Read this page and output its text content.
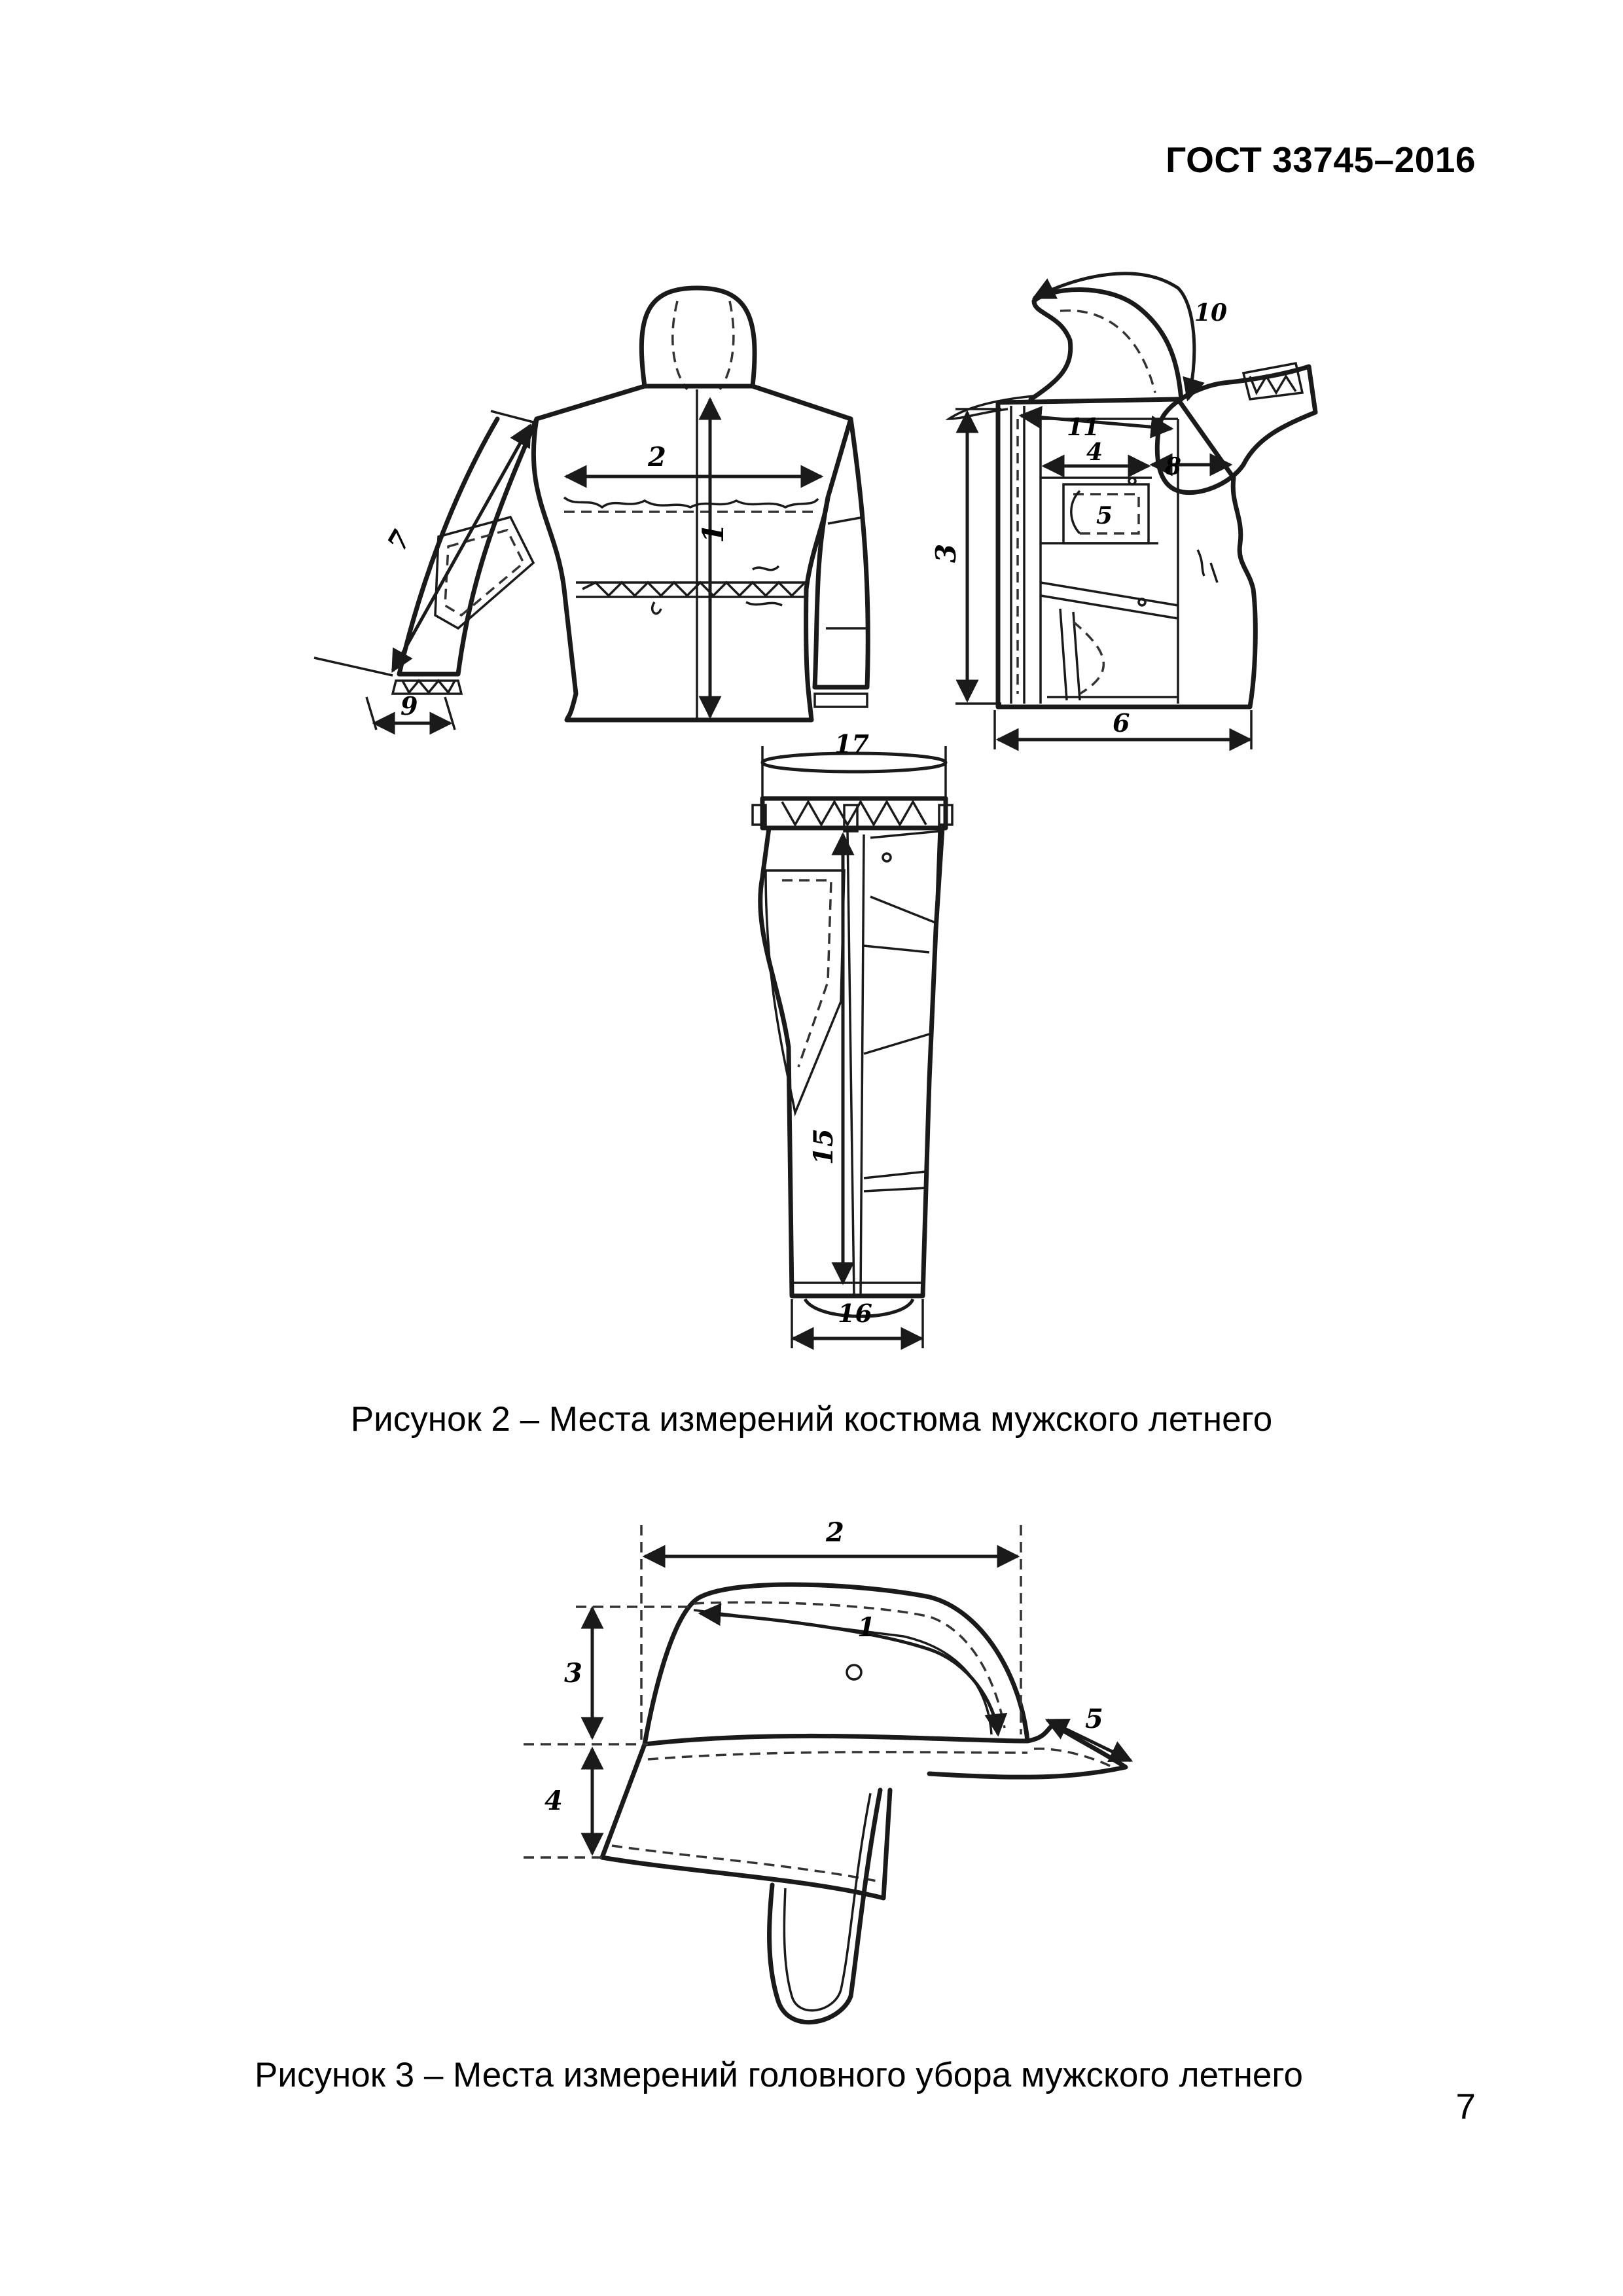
ГОСТ 33745–2016
1
2
7
9
3
6
4
5
11
8
10
17
15
16
Рисунок 2 – Места измерений костюма мужского летнего
2
1
3
4
5
Рисунок 3 – Места измерений головного убора мужского летнего
7
